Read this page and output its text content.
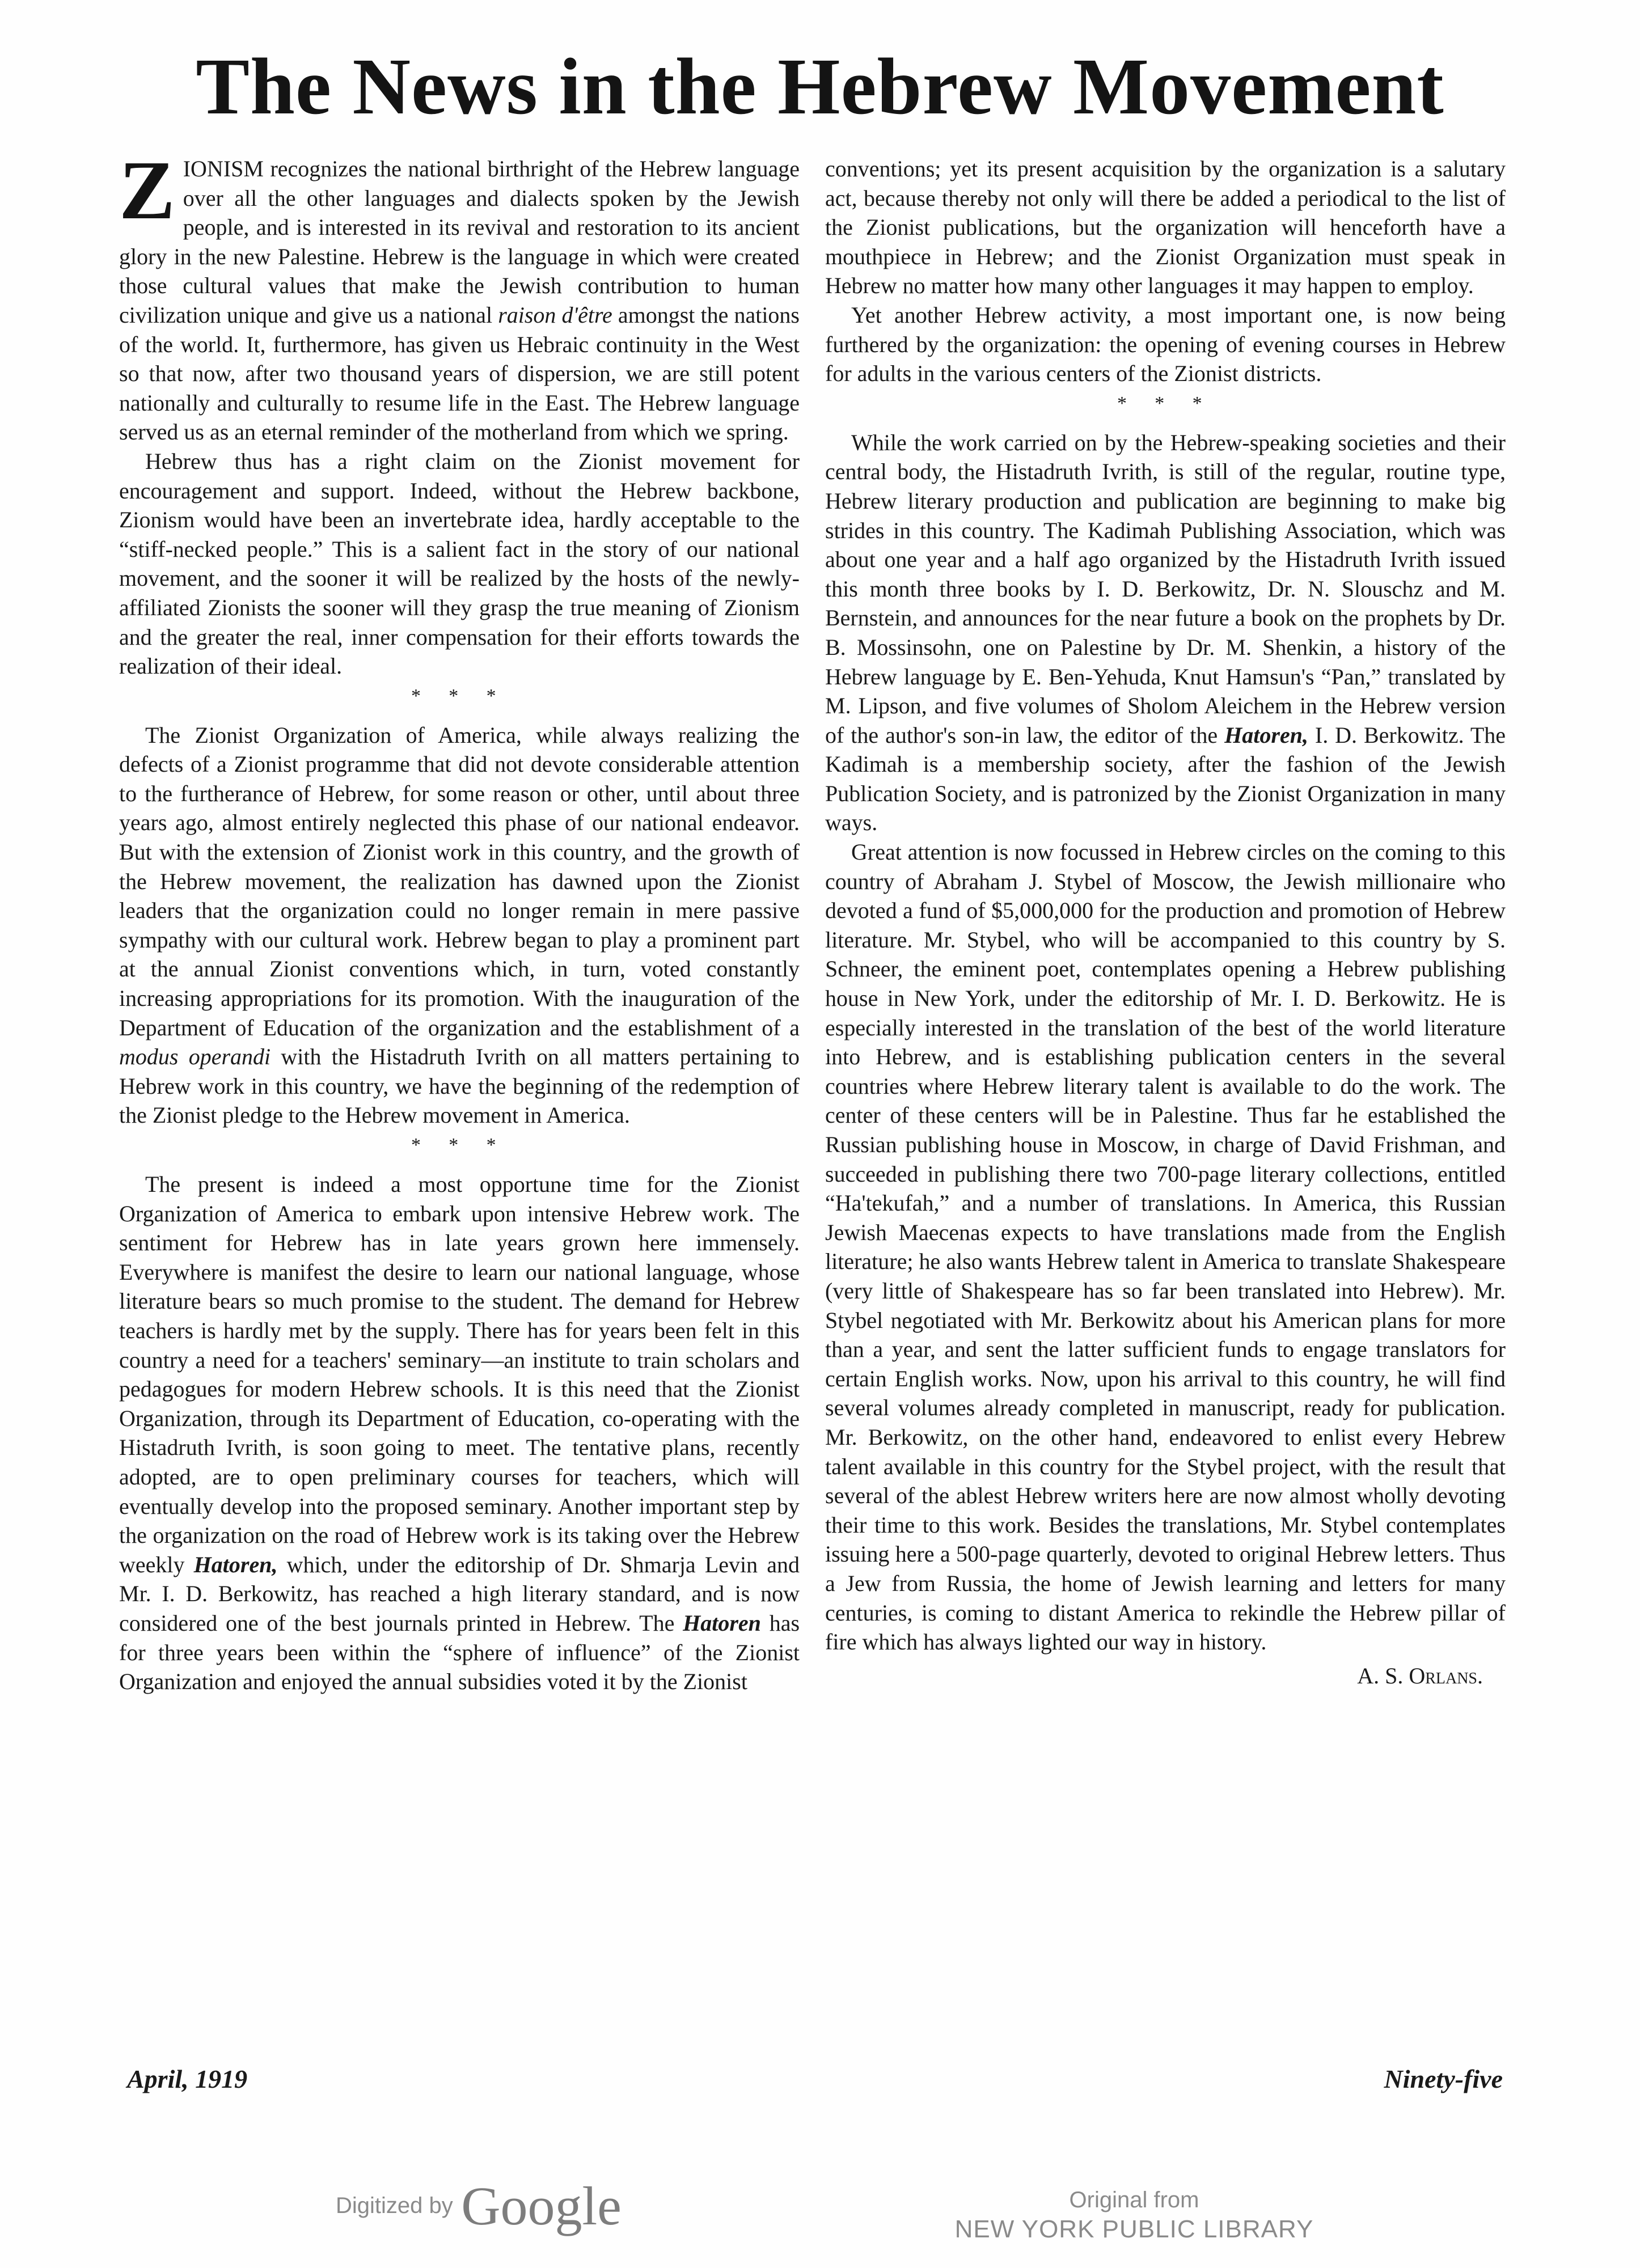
The News in the Hebrew Movement

ZIONISM recognizes the national birthright of the Hebrew language over all the other languages and dialects spoken by the Jewish people, and is interested in its revival and restoration to its ancient glory in the new Palestine. Hebrew is the language in which were created those cultural values that make the Jewish contribution to human civilization unique and give us a national raison d'être amongst the nations of the world. It, furthermore, has given us Hebraic continuity in the West so that now, after two thousand years of dispersion, we are still potent nationally and culturally to resume life in the East. The Hebrew language served us as an eternal reminder of the motherland from which we spring.

Hebrew thus has a right claim on the Zionist movement for encouragement and support. Indeed, without the Hebrew backbone, Zionism would have been an invertebrate idea, hardly acceptable to the “stiff-necked people.” This is a salient fact in the story of our national movement, and the sooner it will be realized by the hosts of the newly-affiliated Zionists the sooner will they grasp the true meaning of Zionism and the greater the real, inner compensation for their efforts towards the realization of their ideal.

* * *

The Zionist Organization of America, while always realizing the defects of a Zionist programme that did not devote considerable attention to the furtherance of Hebrew, for some reason or other, until about three years ago, almost entirely neglected this phase of our national endeavor. But with the extension of Zionist work in this country, and the growth of the Hebrew movement, the realization has dawned upon the Zionist leaders that the organization could no longer remain in mere passive sympathy with our cultural work. Hebrew began to play a prominent part at the annual Zionist conventions which, in turn, voted constantly increasing appropriations for its promotion. With the inauguration of the Department of Education of the organization and the establishment of a modus operandi with the Histadruth Ivrith on all matters pertaining to Hebrew work in this country, we have the beginning of the redemption of the Zionist pledge to the Hebrew movement in America.

* * *

The present is indeed a most opportune time for the Zionist Organization of America to embark upon intensive Hebrew work. The sentiment for Hebrew has in late years grown here immensely. Everywhere is manifest the desire to learn our national language, whose literature bears so much promise to the student. The demand for Hebrew teachers is hardly met by the supply. There has for years been felt in this country a need for a teachers' seminary—an institute to train scholars and pedagogues for modern Hebrew schools. It is this need that the Zionist Organization, through its Department of Education, co-operating with the Histadruth Ivrith, is soon going to meet. The tentative plans, recently adopted, are to open preliminary courses for teachers, which will eventually develop into the proposed seminary. Another important step by the organization on the road of Hebrew work is its taking over the Hebrew weekly Hatoren, which, under the editorship of Dr. Shmarja Levin and Mr. I. D. Berkowitz, has reached a high literary standard, and is now considered one of the best journals printed in Hebrew. The Hatoren has for three years been within the “sphere of influence” of the Zionist Organization and enjoyed the annual subsidies voted it by the Zionist

conventions; yet its present acquisition by the organization is a salutary act, because thereby not only will there be added a periodical to the list of the Zionist publications, but the organization will henceforth have a mouthpiece in Hebrew; and the Zionist Organization must speak in Hebrew no matter how many other languages it may happen to employ.

Yet another Hebrew activity, a most important one, is now being furthered by the organization: the opening of evening courses in Hebrew for adults in the various centers of the Zionist districts.

* * *

While the work carried on by the Hebrew-speaking societies and their central body, the Histadruth Ivrith, is still of the regular, routine type, Hebrew literary production and publication are beginning to make big strides in this country. The Kadimah Publishing Association, which was about one year and a half ago organized by the Histadruth Ivrith issued this month three books by I. D. Berkowitz, Dr. N. Slouschz and M. Bernstein, and announces for the near future a book on the prophets by Dr. B. Mossinsohn, one on Palestine by Dr. M. Shenkin, a history of the Hebrew language by E. Ben-Yehuda, Knut Hamsun's “Pan,” translated by M. Lipson, and five volumes of Sholom Aleichem in the Hebrew version of the author's son-in law, the editor of the Hatoren, I. D. Berkowitz. The Kadimah is a membership society, after the fashion of the Jewish Publication Society, and is patronized by the Zionist Organization in many ways.

Great attention is now focussed in Hebrew circles on the coming to this country of Abraham J. Stybel of Moscow, the Jewish millionaire who devoted a fund of $5,000,000 for the production and promotion of Hebrew literature. Mr. Stybel, who will be accompanied to this country by S. Schneer, the eminent poet, contemplates opening a Hebrew publishing house in New York, under the editorship of Mr. I. D. Berkowitz. He is especially interested in the translation of the best of the world literature into Hebrew, and is establishing publication centers in the several countries where Hebrew literary talent is available to do the work. The center of these centers will be in Palestine. Thus far he established the Russian publishing house in Moscow, in charge of David Frishman, and succeeded in publishing there two 700-page literary collections, entitled “Ha'tekufah,” and a number of translations. In America, this Russian Jewish Maecenas expects to have translations made from the English literature; he also wants Hebrew talent in America to translate Shakespeare (very little of Shakespeare has so far been translated into Hebrew). Mr. Stybel negotiated with Mr. Berkowitz about his American plans for more than a year, and sent the latter sufficient funds to engage translators for certain English works. Now, upon his arrival to this country, he will find several volumes already completed in manuscript, ready for publication. Mr. Berkowitz, on the other hand, endeavored to enlist every Hebrew talent available in this country for the Stybel project, with the result that several of the ablest Hebrew writers here are now almost wholly devoting their time to this work. Besides the translations, Mr. Stybel contemplates issuing here a 500-page quarterly, devoted to original Hebrew letters. Thus a Jew from Russia, the home of Jewish learning and letters for many centuries, is coming to distant America to rekindle the Hebrew pillar of fire which has always lighted our way in history.

A. S. Orlans.
April, 1919	Ninety-five
Digitized by Google	Original from
NEW YORK PUBLIC LIBRARY
